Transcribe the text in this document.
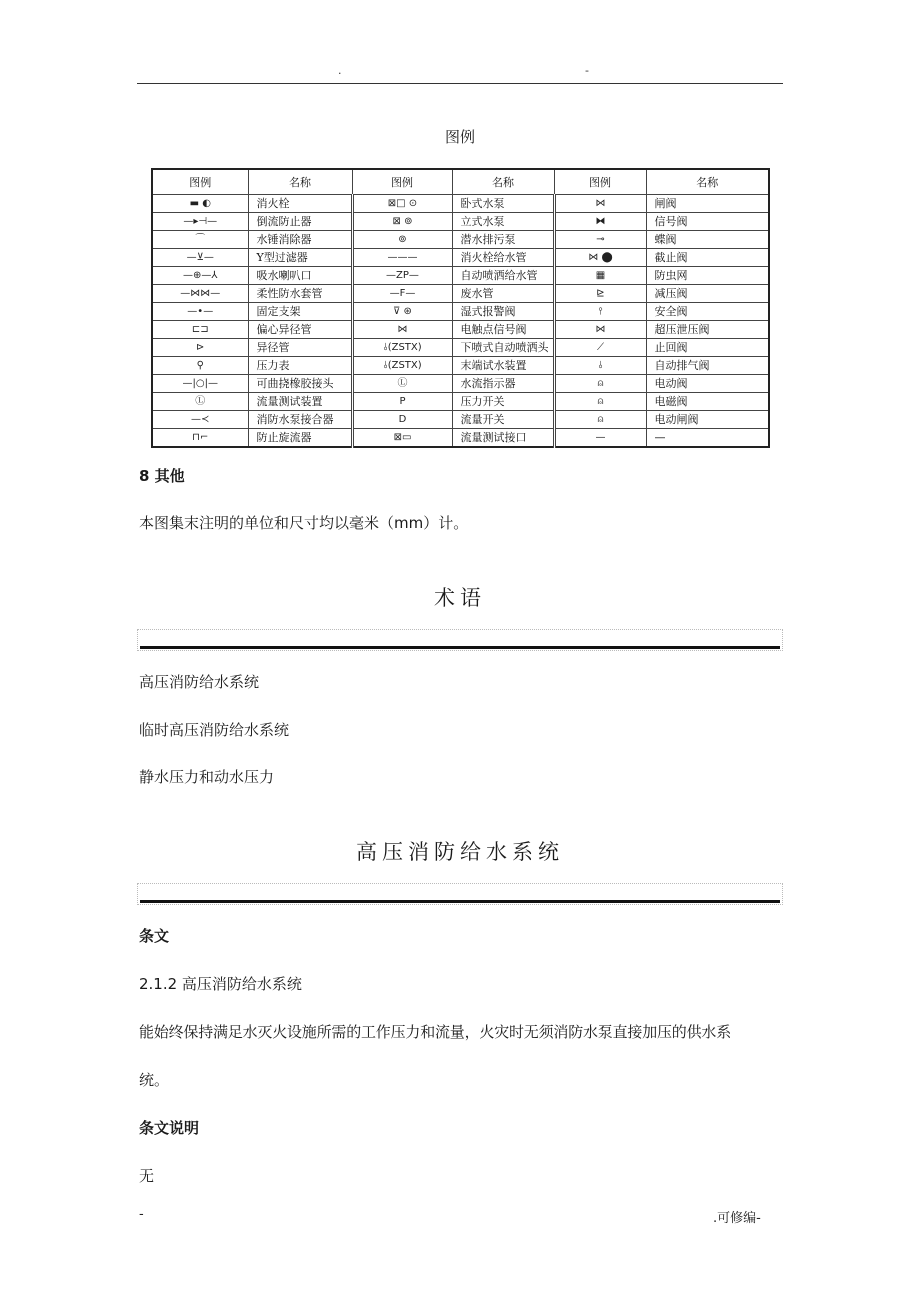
.	-
图例
图例	名称	图例	名称	图例	名称
▬ ◐	消火栓	⊠□ ⊙	卧式水泵	⋈	闸阀
—▸⊣—	倒流防止器	⊠ ⊚	立式水泵	⧓	信号阀
⌒	水锤消除器	⊚	潜水排污泵	⊸	蝶阀
—⊻—	Y型过滤器	———	消火栓给水管	⋈ ⬤	截止阀
—⊕—⅄	吸水喇叭口	—ZP—	自动喷洒给水管	▦	防虫网
—⋈⋈—	柔性防水套管	—F—	废水管	⊵	减压阀
—•—	固定支架	⊽ ⊛	湿式报警阀	⫯	安全阀
⊏⊐	偏心异径管	⋈	电触点信号阀	⋈	超压泄压阀
⊳	异径管	⫰(ZSTX)	下喷式自动喷洒头	⟋	止回阀
⚲	压力表	⫰(ZSTX)	末端试水装置	⫰	自动排气阀
—|○|—	可曲挠橡胶接头	Ⓛ	水流指示器	⍝	电动阀
Ⓛ	流量测试装置	P	压力开关	⍝	电磁阀
—≺	消防水泵接合器	D	流量开关	⍝	电动闸阀
⊓⌐	防止旋流器	⊠▭	流量测试接口	—	—
8 其他
本图集末注明的单位和尺寸均以毫米（mm）计。
术语
高压消防给水系统
临时高压消防给水系统
静水压力和动水压力
高压消防给水系统
条文
2.1.2 高压消防给水系统
能始终保持满足水灭火设施所需的工作压力和流量，火灾时无须消防水泵直接加压的供水系
统。
条文说明
无
-	.可修编-
